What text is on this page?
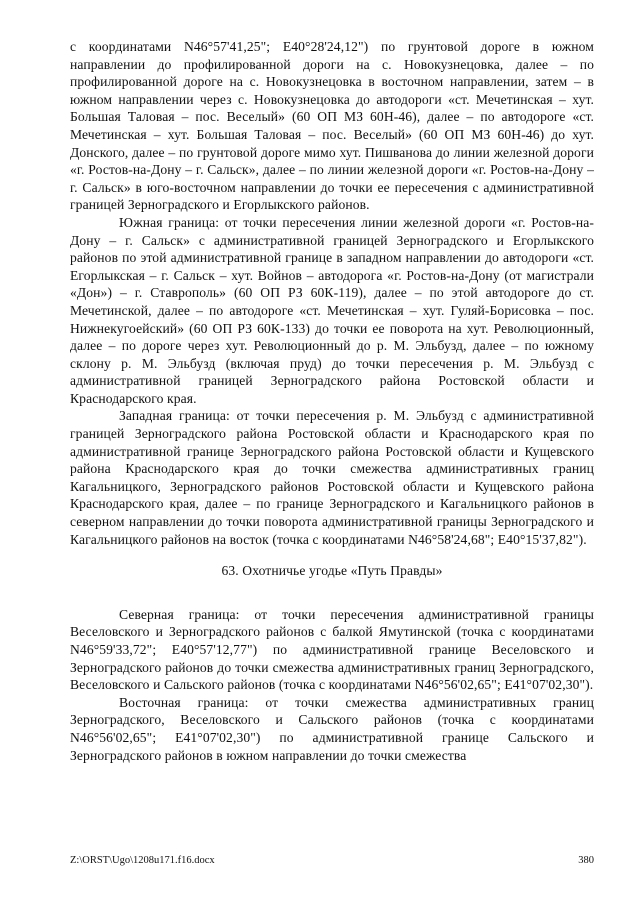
с координатами N46°57'41,25"; Е40°28'24,12") по грунтовой дороге в южном направлении до профилированной дороги на с. Новокузнецовка, далее – по профилированной дороге на с. Новокузнецовка в восточном направлении, затем – в южном направлении через с. Новокузнецовка до автодороги «ст. Мечетинская – хут. Большая Таловая – пос. Веселый» (60 ОП МЗ 60Н-46), далее – по автодороге «ст. Мечетинская – хут. Большая Таловая – пос. Веселый» (60 ОП МЗ 60Н-46) до хут. Донского, далее – по грунтовой дороге мимо хут. Пишванова до линии железной дороги «г. Ростов-на-Дону – г. Сальск», далее – по линии железной дороги «г. Ростов-на-Дону – г. Сальск» в юго-восточном направлении до точки ее пересечения с административной границей Зерноградского и Егорлыкского районов.

Южная граница: от точки пересечения линии железной дороги «г. Ростов-на-Дону – г. Сальск» с административной границей Зерноградского и Егорлыкского районов по этой административной границе в западном направлении до автодороги «ст. Егорлыкская – г. Сальск – хут. Войнов – автодорога «г. Ростов-на-Дону (от магистрали «Дон») – г. Ставрополь» (60 ОП РЗ 60К-119), далее – по этой автодороге до ст. Мечетинской, далее – по автодороге «ст. Мечетинская – хут. Гуляй-Борисовка – пос. Нижнекугоейский» (60 ОП РЗ 60К-133) до точки ее поворота на хут. Революционный, далее – по дороге через хут. Революционный до р. М. Эльбузд, далее – по южному склону р. М. Эльбузд (включая пруд) до точки пересечения р. М. Эльбузд с административной границей Зерноградского района Ростовской области и Краснодарского края.

Западная граница: от точки пересечения р. М. Эльбузд с административной границей Зерноградского района Ростовской области и Краснодарского края по административной границе Зерноградского района Ростовской области и Кущевского района Краснодарского края до точки смежества административных границ Кагальницкого, Зерноградского районов Ростовской области и Кущевского района Краснодарского края, далее – по границе Зерноградского и Кагальницкого районов в северном направлении до точки поворота административной границы Зерноградского и Кагальницкого районов на восток (точка с координатами N46°58'24,68"; Е40°15'37,82").

63. Охотничье угодье «Путь Правды»

Северная граница: от точки пересечения административной границы Веселовского и Зерноградского районов с балкой Ямутинской (точка с координатами N46°59'33,72"; Е40°57'12,77") по административной границе Веселовского и Зерноградского районов до точки смежества административных границ Зерноградского, Веселовского и Сальского районов (точка с координатами N46°56'02,65"; Е41°07'02,30").

Восточная граница: от точки смежества административных границ Зерноградского, Веселовского и Сальского районов (точка с координатами N46°56'02,65"; Е41°07'02,30") по административной границе Сальского и Зерноградского районов в южном направлении до точки смежества

Z:\ORST\Ugo\1208u171.f16.docx	380
